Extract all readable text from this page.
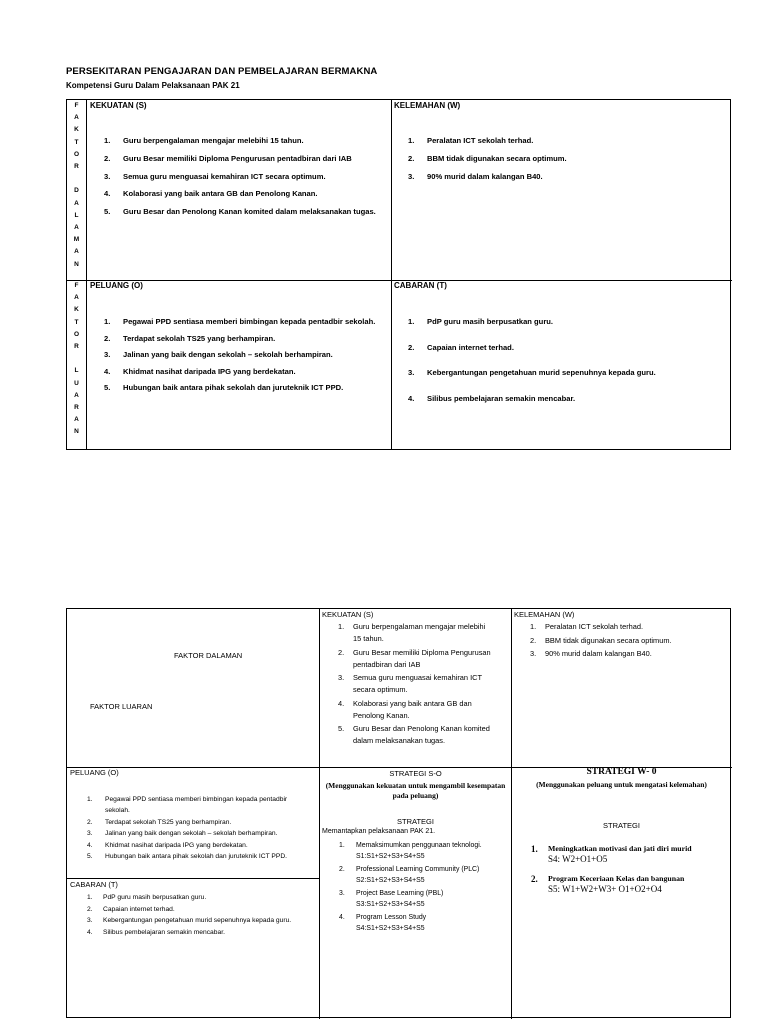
PERSEKITARAN PENGAJARAN DAN PEMBELAJARAN BERMAKNA
Kompetensi Guru Dalam Pelaksanaan PAK 21
F
A
K
T
O
R
D
A
L
A
M
A
N
F
A
K
T
O
R
L
U
A
R
A
N
KEKUATAN (S)
Guru berpengalaman mengajar melebihi 15 tahun.
Guru Besar memiliki Diploma Pengurusan pentadbiran dari IAB
Semua guru menguasai kemahiran ICT secara optimum.
Kolaborasi yang baik antara GB dan Penolong Kanan.
Guru Besar dan Penolong Kanan komited dalam melaksanakan tugas.
KELEMAHAN (W)
Peralatan ICT sekolah terhad.
BBM tidak digunakan secara optimum.
90% murid dalam kalangan B40.
PELUANG (O)
Pegawai PPD sentiasa memberi bimbingan kepada pentadbir sekolah.
Terdapat sekolah TS25 yang berhampiran.
Jalinan yang baik dengan sekolah – sekolah berhampiran.
Khidmat nasihat daripada IPG yang berdekatan.
Hubungan baik antara pihak sekolah dan juruteknik ICT PPD.
CABARAN (T)
PdP guru masih berpusatkan guru.
Capaian internet terhad.
Kebergantungan pengetahuan murid sepenuhnya kepada guru.
Silibus pembelajaran semakin mencabar.
FAKTOR DALAMAN
FAKTOR LUARAN
KEKUATAN (S)
Guru berpengalaman mengajar melebihi 15 tahun.
Guru Besar memiliki Diploma Pengurusan pentadbiran dari IAB
Semua guru menguasai kemahiran ICT secara optimum.
Kolaborasi yang baik antara GB dan Penolong Kanan.
Guru Besar dan Penolong Kanan komited dalam melaksanakan tugas.
KELEMAHAN (W)
Peralatan ICT sekolah terhad.
BBM tidak digunakan secara optimum.
90% murid dalam kalangan B40.
PELUANG (O)
Pegawai PPD sentiasa memberi bimbingan kepada pentadbir sekolah.
Terdapat sekolah TS25 yang berhampiran.
Jalinan yang baik dengan sekolah – sekolah berhampiran.
Khidmat nasihat daripada IPG yang berdekatan.
Hubungan baik antara pihak sekolah dan juruteknik ICT PPD.
CABARAN (T)
PdP guru masih berpusatkan guru.
Capaian internet terhad.
Kebergantungan pengetahuan murid sepenuhnya kepada guru.
Silibus pembelajaran semakin mencabar.
STRATEGI S-O
(Menggunakan kekuatan untuk mengambil kesempatan pada peluang)
STRATEGI
Memantapkan pelaksanaan PAK 21.
Memaksimumkan penggunaan teknologi.
S1:S1+S2+S3+S4+S5
Professional Learning Community (PLC)
S2:S1+S2+S3+S4+S5
Project Base Learning (PBL)
S3:S1+S2+S3+S4+S5
Program Lesson Study
S4:S1+S2+S3+S4+S5
STRATEGI W- 0
(Menggunakan peluang untuk mengatasi kelemahan)
STRATEGI
1. Meningkatkan motivasi dan jati diri murid
S4: W2+O1+O5
2. Program Keceriaan Kelas dan bangunan
S5: W1+W2+W3+ O1+O2+O4
